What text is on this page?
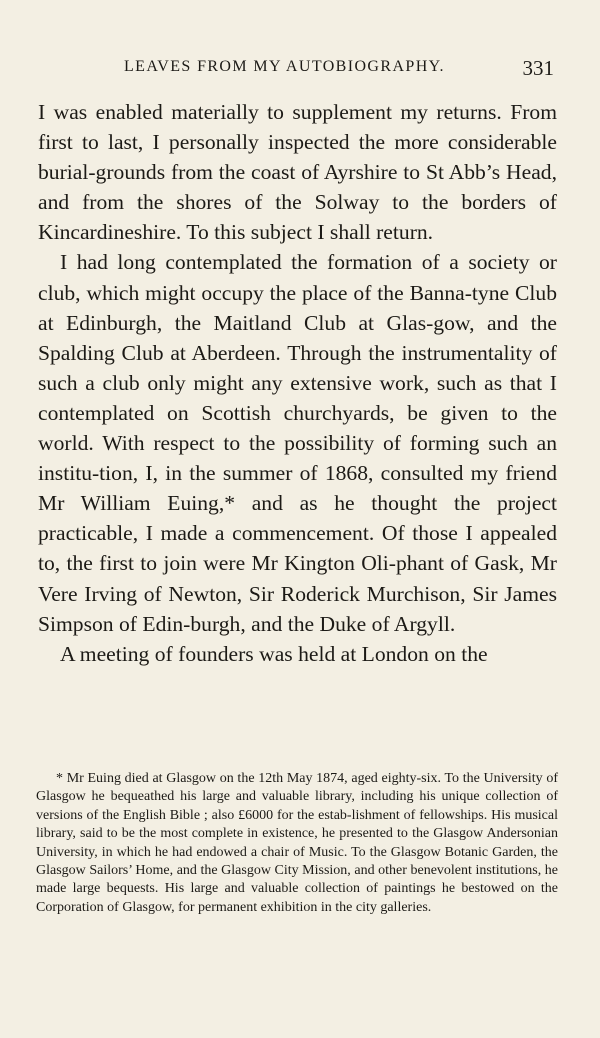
LEAVES FROM MY AUTOBIOGRAPHY.	331

I was enabled materially to supplement my returns. From first to last, I personally inspected the more considerable burial-grounds from the coast of Ayrshire to St Abb’s Head, and from the shores of the Solway to the borders of Kincardineshire. To this subject I shall return.

I had long contemplated the formation of a society or club, which might occupy the place of the Banna-tyne Club at Edinburgh, the Maitland Club at Glas-gow, and the Spalding Club at Aberdeen. Through the instrumentality of such a club only might any extensive work, such as that I contemplated on Scottish churchyards, be given to the world. With respect to the possibility of forming such an institu-tion, I, in the summer of 1868, consulted my friend Mr William Euing,* and as he thought the project practicable, I made a commencement. Of those I appealed to, the first to join were Mr Kington Oli-phant of Gask, Mr Vere Irving of Newton, Sir Roderick Murchison, Sir James Simpson of Edin-burgh, and the Duke of Argyll.

A meeting of founders was held at London on the

* Mr Euing died at Glasgow on the 12th May 1874, aged eighty-six. To the University of Glasgow he bequeathed his large and valuable library, including his unique collection of versions of the English Bible ; also £6000 for the estab-lishment of fellowships. His musical library, said to be the most complete in existence, he presented to the Glasgow Andersonian University, in which he had endowed a chair of Music. To the Glasgow Botanic Garden, the Glasgow Sailors’ Home, and the Glasgow City Mission, and other benevolent institutions, he made large bequests. His large and valuable collection of paintings he bestowed on the Corporation of Glasgow, for permanent exhibition in the city galleries.
